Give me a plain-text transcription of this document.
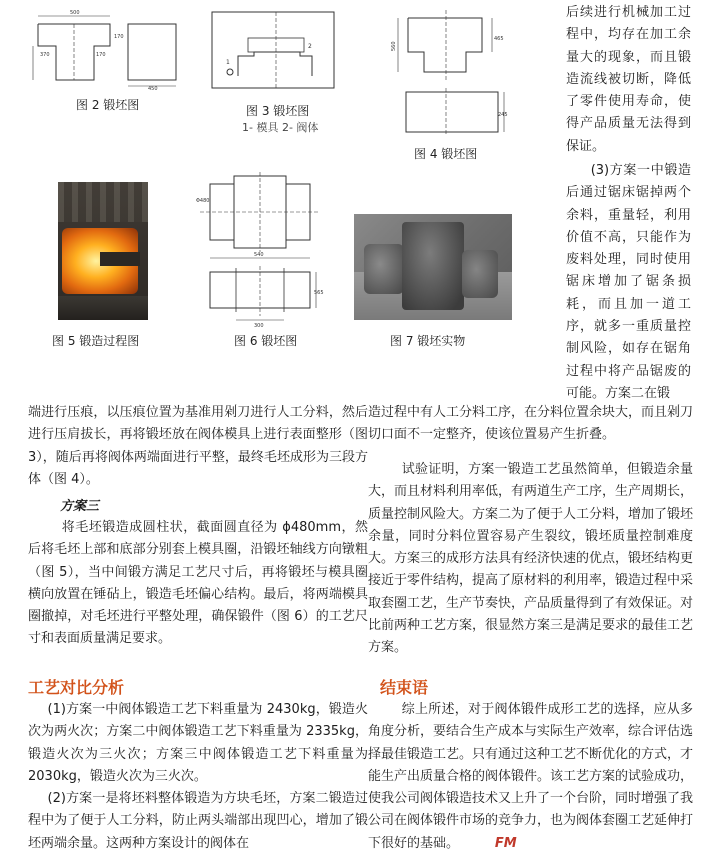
500
370	170
170
450
图 2 锻坯图
1
2
图 3 锻坯图
1- 模具 2- 阀体
560
465
245
图 4 锻坯图
图 5 锻造过程图
Φ480
540
565
300
图 6 锻坯图	图 7 锻坯实物

后续进行机械加工过程中，均存在加工余量大的现象，而且锻造流线被切断，降低了零件使用寿命，使得产品质量无法得到保证。

(3)方案一中锻造后通过锯床锯掉两个余料，重量轻，利用价值不高，只能作为废料处理，同时使用锯床增加了锯条损耗，而且加一道工序，就多一重质量控制风险，如存在锯角过程中将产品锯废的可能。方案二在锻

端进行压痕，以压痕位置为基准用剁刀进行人工分料，然后进行压肩拔长，再将锻坯放在阀体模具上进行表面整形（图 3），随后再将阀体两端面进行平整，最终毛坯成形为三段方体（图 4）。

方案三

将毛坯锻造成圆柱状，截面圆直径为 ϕ480mm，然后将毛坯上部和底部分别套上模具圈，沿锻坯轴线方向镦粗（图 5），当中间锻方满足工艺尺寸后，再将锻坯与模具圈横向放置在锤砧上，锻造毛坯偏心结构。最后，将两端模具圈撤掉，对毛坯进行平整处理，确保锻件（图 6）的工艺尺寸和表面质量满足要求。

工艺对比分析

(1)方案一中阀体锻造工艺下料重量为 2430kg，锻造火次为两火次；方案二中阀体锻造工艺下料重量为 2335kg，锻造火次为三火次；方案三中阀体锻造工艺下料重量为 2030kg，锻造火次为三火次。

(2)方案一是将坯料整体锻造为方块毛坯，方案二锻造过程中为了便于人工分料，防止两头端部出现凹心，增加了锻坯两端余量。这两种方案设计的阀体在

造过程中有人工分料工序，在分料位置余块大，而且剁刀切口面不一定整齐，使该位置易产生折叠。

试验证明，方案一锻造工艺虽然简单，但锻造余量大，而且材料利用率低，有两道生产工序，生产周期长，质量控制风险大。方案二为了便于人工分料，增加了锻坯余量，同时分料位置容易产生裂纹，锻坯质量控制难度大。方案三的成形方法具有经济快速的优点，锻坯结构更接近于零件结构，提高了原材料的利用率，锻造过程中采取套圈工艺，生产节奏快，产品质量得到了有效保证。对比前两种工艺方案，很显然方案三是满足要求的最佳工艺方案。

结束语

综上所述，对于阀体锻件成形工艺的选择，应从多角度分析，要结合生产成本与实际生产效率，综合评估选择最佳锻造工艺。只有通过这种工艺不断优化的方式，才能生产出质量合格的阀体锻件。该工艺方案的试验成功，使我公司阀体锻造技术又上升了一个台阶，同时增强了我公司在阀体锻件市场的竞争力，也为阀体套圈工艺延伸打下很好的基础。	FM
